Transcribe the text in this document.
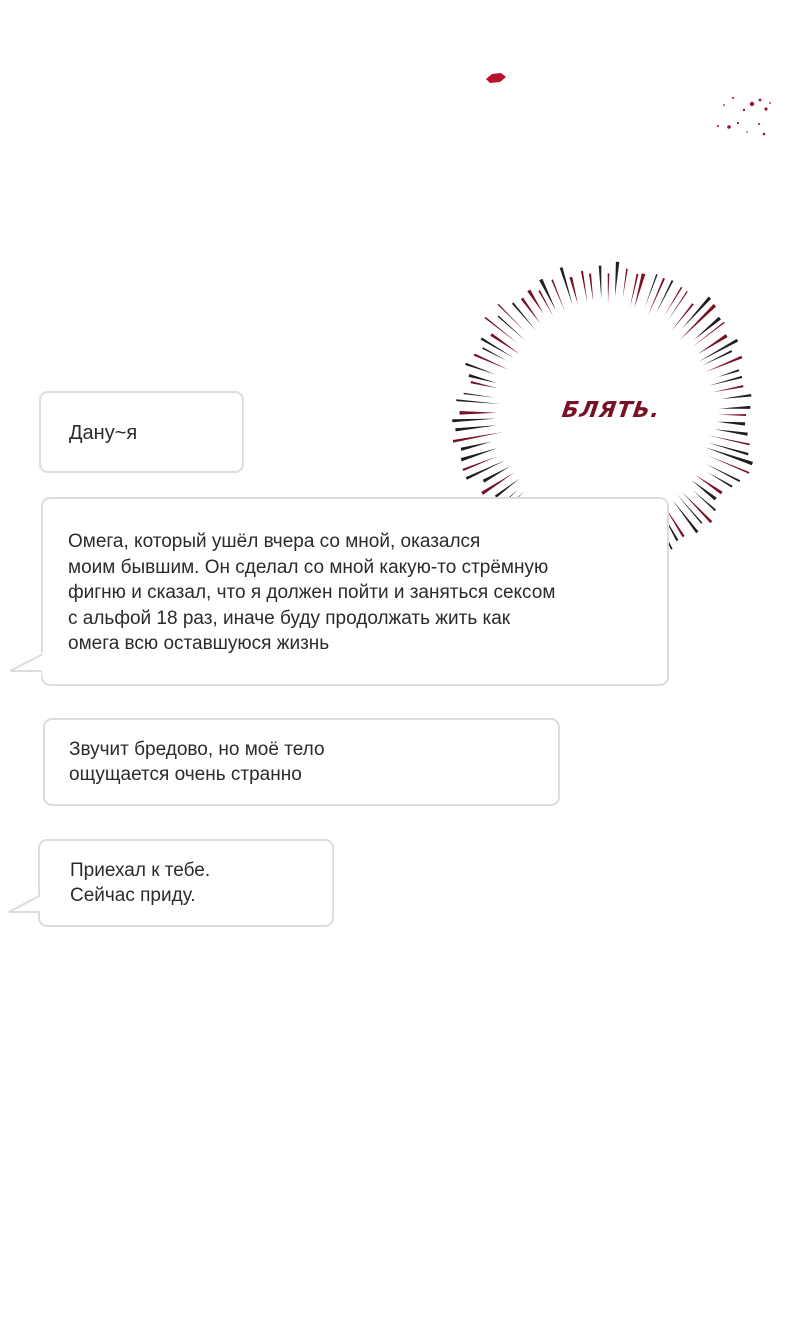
БЛЯТЬ.
Дану~я
Омега, который ушёл вчера со мной, оказался
моим бывшим. Он сделал со мной какую-то стрёмную
фигню и сказал, что я должен пойти и заняться сексом
с альфой 18 раз, иначе буду продолжать жить как
омега всю оставшуюся жизнь
Звучит бредово, но моё тело
ощущается очень странно
Приехал к тебе.
Сейчас приду.
